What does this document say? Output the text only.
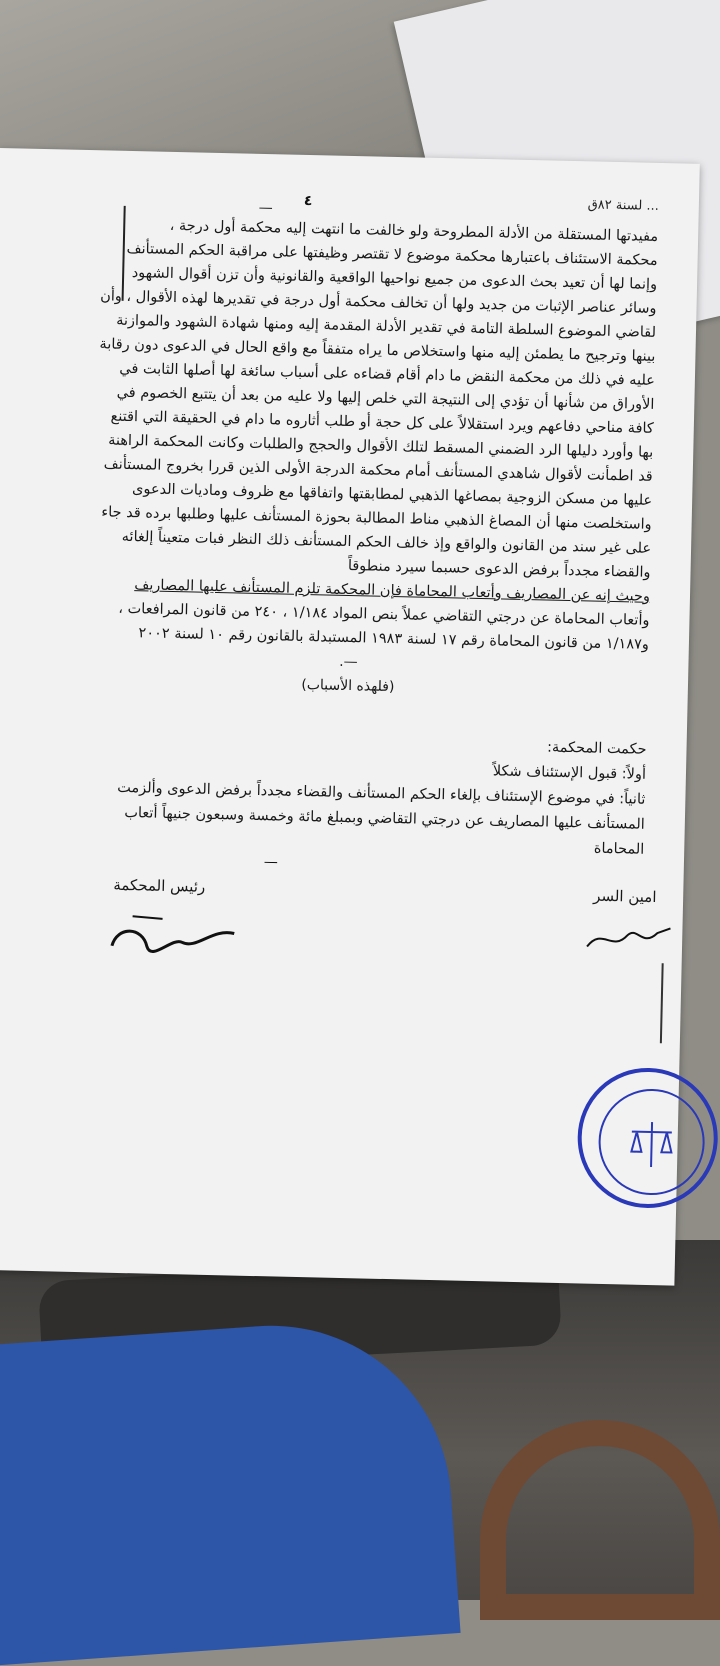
... لسنة ٨٢ق
٤
—
مفيدتها المستقلة من الأدلة المطروحة ولو خالفت ما انتهت إليه محكمة أول درجة ،
محكمة الاستئناف باعتبارها محكمة موضوع لا تقتصر وظيفتها على مراقبة الحكم المستأنف
وإنما لها أن تعيد بحث الدعوى من جميع نواحيها الواقعية والقانونية وأن تزن أقوال الشهود
وسائر عناصر الإثبات من جديد ولها أن تخالف محكمة أول درجة في تقديرها لهذه الأقوال ، وأن
لقاضي الموضوع السلطة التامة في تقدير الأدلة المقدمة إليه ومنها شهادة الشهود والموازنة
بينها وترجيح ما يطمئن إليه منها واستخلاص ما يراه متفقاً مع واقع الحال في الدعوى دون رقابة
عليه في ذلك من محكمة النقض ما دام أقام قضاءه على أسباب سائغة لها أصلها الثابت في
الأوراق من شأنها أن تؤدي إلى النتيجة التي خلص إليها ولا عليه من بعد أن يتتبع الخصوم في
كافة مناحي دفاعهم ويرد استقلالاً على كل حجة أو طلب أثاروه ما دام في الحقيقة التي اقتنع
بها وأورد دليلها الرد الضمني المسقط لتلك الأقوال والحجج والطلبات وكانت المحكمة الراهنة
قد اطمأنت لأقوال شاهدي المستأنف أمام محكمة الدرجة الأولى الذين قررا بخروج المستأنف
عليها من مسكن الزوجية بمصاغها الذهبي لمطابقتها واتفاقها مع ظروف وماديات الدعوى
واستخلصت منها أن المصاغ الذهبي مناط المطالبة بحوزة المستأنف عليها وطلبها برده قد جاء
على غير سند من القانون والواقع وإذ خالف الحكم المستأنف ذلك النظر فبات متعيناً إلغائه
والقضاء مجدداً برفض الدعوى حسبما سيرد منطوقاً
وحيث إنه عن المصاريف وأتعاب المحاماة فإن المحكمة تلزم المستأنف عليها المصاريف
وأتعاب المحاماة عن درجتي التقاضي عملاً بنص المواد ١/١٨٤ ، ٢٤٠ من قانون المرافعات ،
و١/١٨٧ من قانون المحاماة رقم ١٧ لسنة ١٩٨٣ المستبدلة بالقانون رقم ١٠ لسنة ٢٠٠٢
—.
(فلهذه الأسباب)
حكمت المحكمة:
أولاً: قبول الإستئناف شكلاً
ثانياً: في موضوع الإستئناف بإلغاء الحكم المستأنف والقضاء مجدداً برفض الدعوى وألزمت
المستأنف عليها المصاريف عن درجتي التقاضي وبمبلغ مائة وخمسة وسبعون جنيهاً أتعاب
المحاماة
—
امين السر
رئيس المحكمة
